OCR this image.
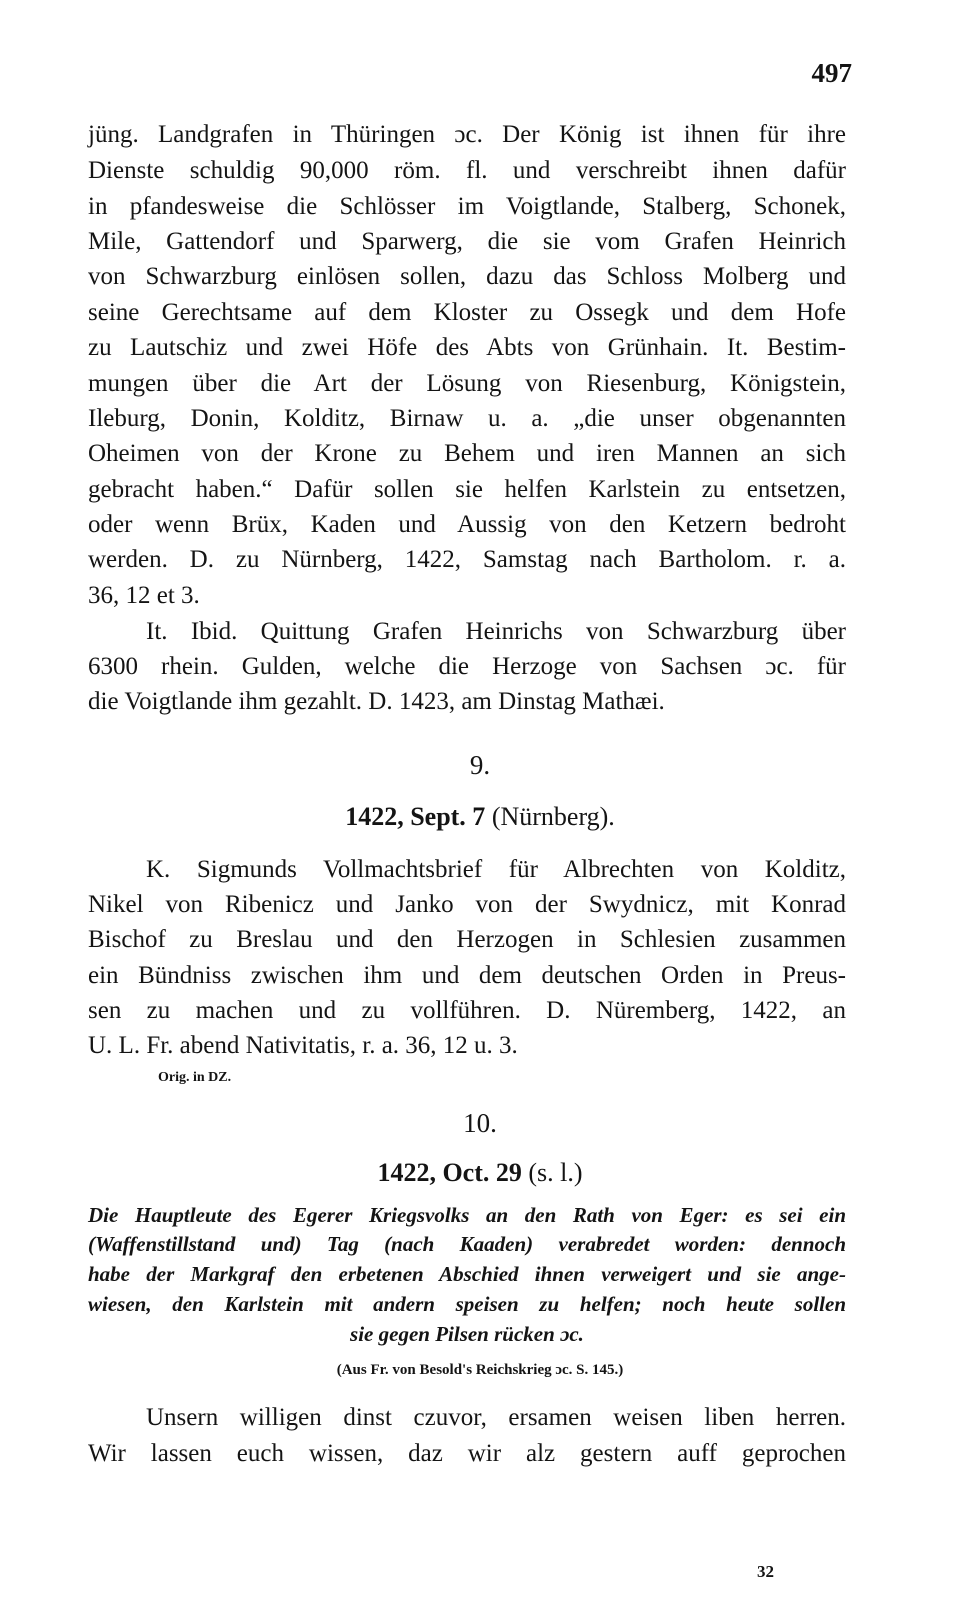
497
jüng. Landgrafen in Thüringen ɔc. Der König ist ihnen für ihre
Dienste schuldig 90,000 röm. fl. und verschreibt ihnen dafür
in pfandesweise die Schlösser im Voigtlande, Stalberg, Schonek,
Mile, Gattendorf und Sparwerg, die sie vom Grafen Heinrich
von Schwarzburg einlösen sollen, dazu das Schloss Molberg und
seine Gerechtsame auf dem Kloster zu Ossegk und dem Hofe
zu Lautschiz und zwei Höfe des Abts von Grünhain. It. Bestim-
mungen über die Art der Lösung von Riesenburg, Königstein,
Ileburg, Donin, Kolditz, Birnaw u. a. „die unser obgenannten
Oheimen von der Krone zu Behem und iren Mannen an sich
gebracht haben.“ Dafür sollen sie helfen Karlstein zu entsetzen,
oder wenn Brüx, Kaden und Aussig von den Ketzern bedroht
werden. D. zu Nürnberg, 1422, Samstag nach Bartholom. r. a.
36, 12 et 3.
It. Ibid. Quittung Grafen Heinrichs von Schwarzburg über
6300 rhein. Gulden, welche die Herzoge von Sachsen ɔc. für
die Voigtlande ihm gezahlt. D. 1423, am Dinstag Mathæi.
9.
1422, Sept. 7 (Nürnberg).
K. Sigmunds Vollmachtsbrief für Albrechten von Kolditz,
Nikel von Ribenicz und Janko von der Swydnicz, mit Konrad
Bischof zu Breslau und den Herzogen in Schlesien zusammen
ein Bündniss zwischen ihm und dem deutschen Orden in Preus-
sen zu machen und zu vollführen. D. Nüremberg, 1422, an
U. L. Fr. abend Nativitatis, r. a. 36, 12 u. 3.
Orig. in DZ.
10.
1422, Oct. 29 (s. l.)
Die Hauptleute des Egerer Kriegsvolks an den Rath von Eger: es sei ein
(Waffenstillstand und) Tag (nach Kaaden) verabredet worden: dennoch
habe der Markgraf den erbetenen Abschied ihnen verweigert und sie ange-
wiesen, den Karlstein mit andern speisen zu helfen; noch heute sollen
sie gegen Pilsen rücken ɔc.
(Aus Fr. von Besold's Reichskrieg ɔc. S. 145.)
Unsern willigen dinst czuvor, ersamen weisen liben herren.
Wir lassen euch wissen, daz wir alz gestern auff geprochen
32
